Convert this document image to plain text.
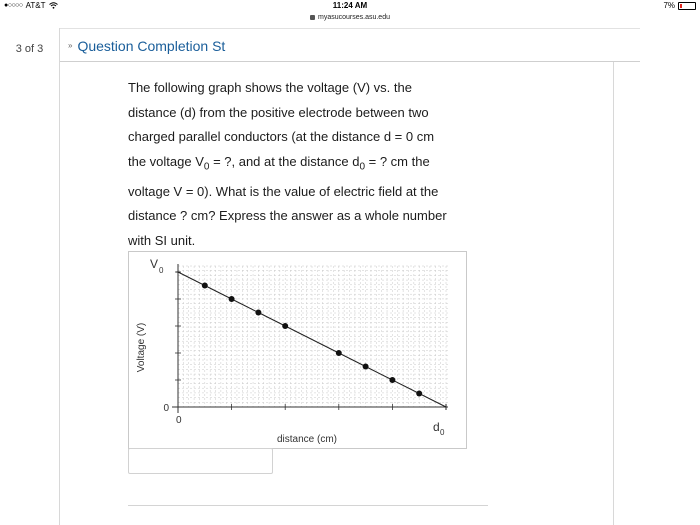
●○○○○ AT&T	11:24 AM	7%
myasucourses.asu.edu
3 of 3	» Question Completion St

The following graph shows the voltage (V) vs. the

distance (d) from the positive electrode between two

charged parallel conductors (at the distance d = 0 cm

the voltage $V_0$ = ?, and at the distance $d_0$ = ? cm the

voltage V = 0). What is the value of electric field at the

distance ? cm? Express the answer as a whole number

with SI unit.

0
V 0
0	d 0
distance (cm)
Voltage (V)
